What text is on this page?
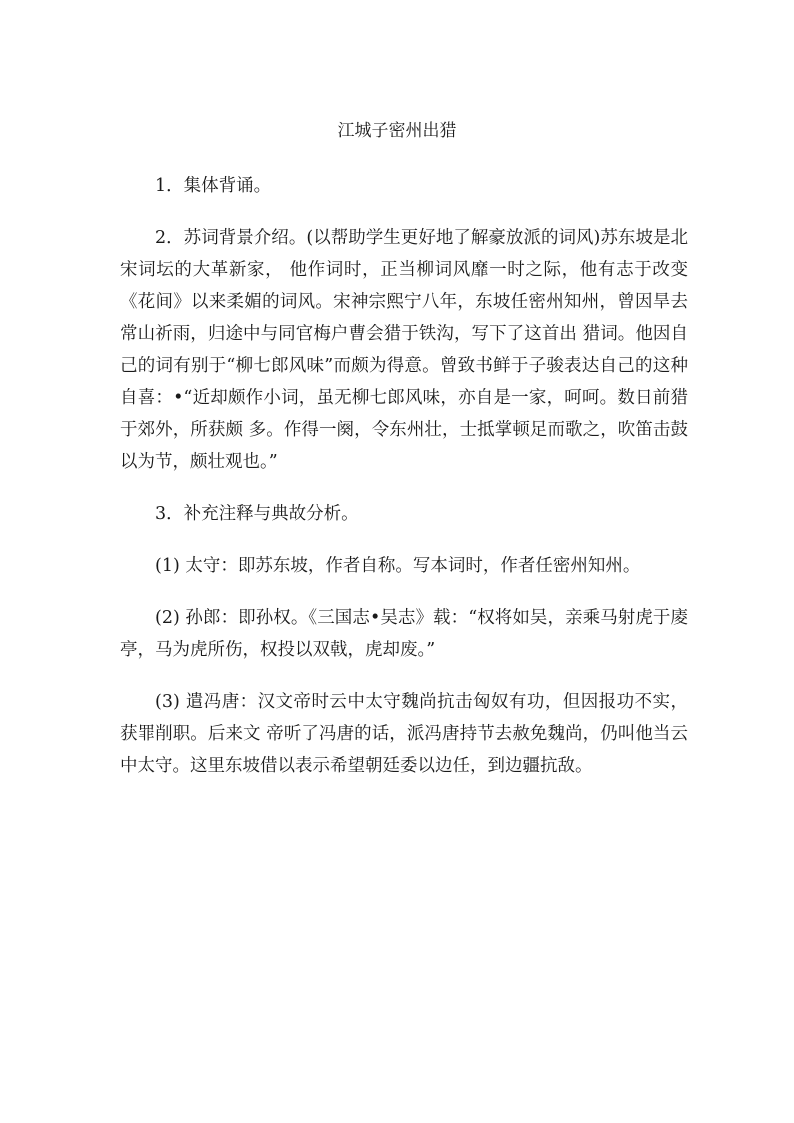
江城子密州出猎

1．集体背诵。

2．苏词背景介绍。(以帮助学生更好地了解豪放派的词风)苏东坡是北宋词坛的大革新家， 他作词时，正当柳词风靡一时之际，他有志于改变《花间》以来柔媚的词风。宋神宗熙宁八年，东坡任密州知州，曾因旱去常山祈雨，归途中与同官梅户曹会猎于铁沟，写下了这首出 猎词。他因自己的词有别于“柳七郎风味”而颇为得意。曾致书鲜于子骏表达自己的这种自喜：•“近却颇作小词，虽无柳七郎风味，亦自是一家，呵呵。数日前猎于郊外，所获颇 多。作得一阕，令东州壮，士抵掌顿足而歌之，吹笛击鼓以为节，颇壮观也。”

3．补充注释与典故分析。

(1) 太守：即苏东坡，作者自称。写本词时，作者任密州知州。

(2) 孙郎：即孙权。《三国志•吴志》载：“权将如吴，亲乘马射虎于庱亭，马为虎所伤，权投以双戟，虎却废。”

(3) 遣冯唐：汉文帝时云中太守魏尚抗击匈奴有功，但因报功不实，获罪削职。后来文 帝听了冯唐的话，派冯唐持节去赦免魏尚，仍叫他当云中太守。这里东坡借以表示希望朝廷委以边任，到边疆抗敌。
